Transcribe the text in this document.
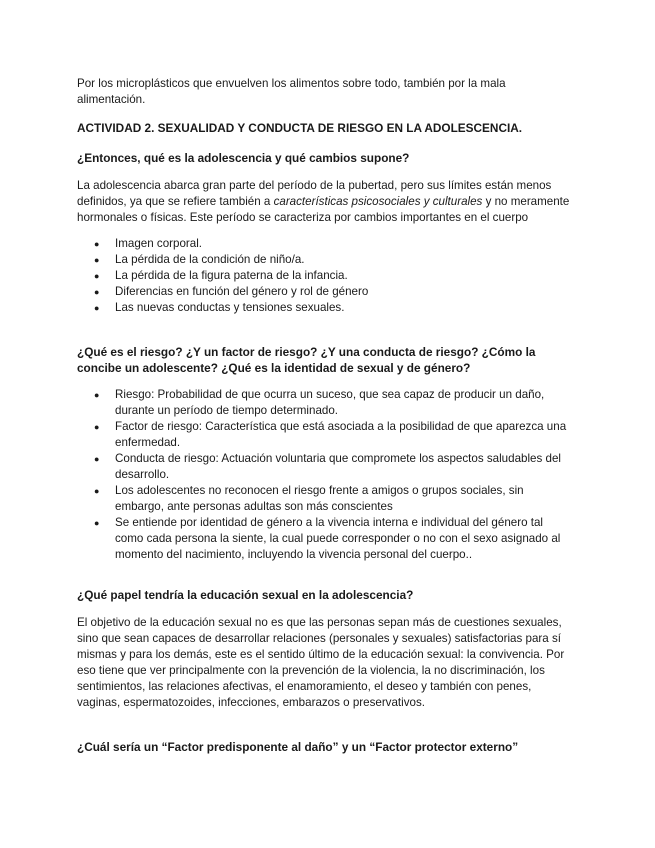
Por los microplásticos que envuelven los alimentos sobre todo, también por la mala
alimentación.
ACTIVIDAD 2. SEXUALIDAD Y CONDUCTA DE RIESGO EN LA ADOLESCENCIA.
¿Entonces, qué es la adolescencia y qué cambios supone?
La adolescencia abarca gran parte del período de la pubertad, pero sus límites están menos
definidos, ya que se refiere también a características psicosociales y culturales y no meramente
hormonales o físicas. Este período se caracteriza por cambios importantes en el cuerpo
● Imagen corporal.
● La pérdida de la condición de niño/a.
● La pérdida de la figura paterna de la infancia.
● Diferencias en función del género y rol de género
● Las nuevas conductas y tensiones sexuales.
¿Qué es el riesgo? ¿Y un factor de riesgo? ¿Y una conducta de riesgo? ¿Cómo la
concibe un adolescente? ¿Qué es la identidad de sexual y de género?
● Riesgo: Probabilidad de que ocurra un suceso, que sea capaz de producir un daño,
durante un período de tiempo determinado.
● Factor de riesgo: Característica que está asociada a la posibilidad de que aparezca una
enfermedad.
● Conducta de riesgo: Actuación voluntaria que compromete los aspectos saludables del
desarrollo.
● Los adolescentes no reconocen el riesgo frente a amigos o grupos sociales, sin
embargo, ante personas adultas son más conscientes
● Se entiende por identidad de género a la vivencia interna e individual del género tal
como cada persona la siente, la cual puede corresponder o no con el sexo asignado al
momento del nacimiento, incluyendo la vivencia personal del cuerpo..
¿Qué papel tendría la educación sexual en la adolescencia?
El objetivo de la educación sexual no es que las personas sepan más de cuestiones sexuales,
sino que sean capaces de desarrollar relaciones (personales y sexuales) satisfactorias para sí
mismas y para los demás, este es el sentido último de la educación sexual: la convivencia. Por
eso tiene que ver principalmente con la prevención de la violencia, la no discriminación, los
sentimientos, las relaciones afectivas, el enamoramiento, el deseo y también con penes,
vaginas, espermatozoides, infecciones, embarazos o preservativos.
¿Cuál sería un “Factor predisponente al daño” y un “Factor protector externo”
